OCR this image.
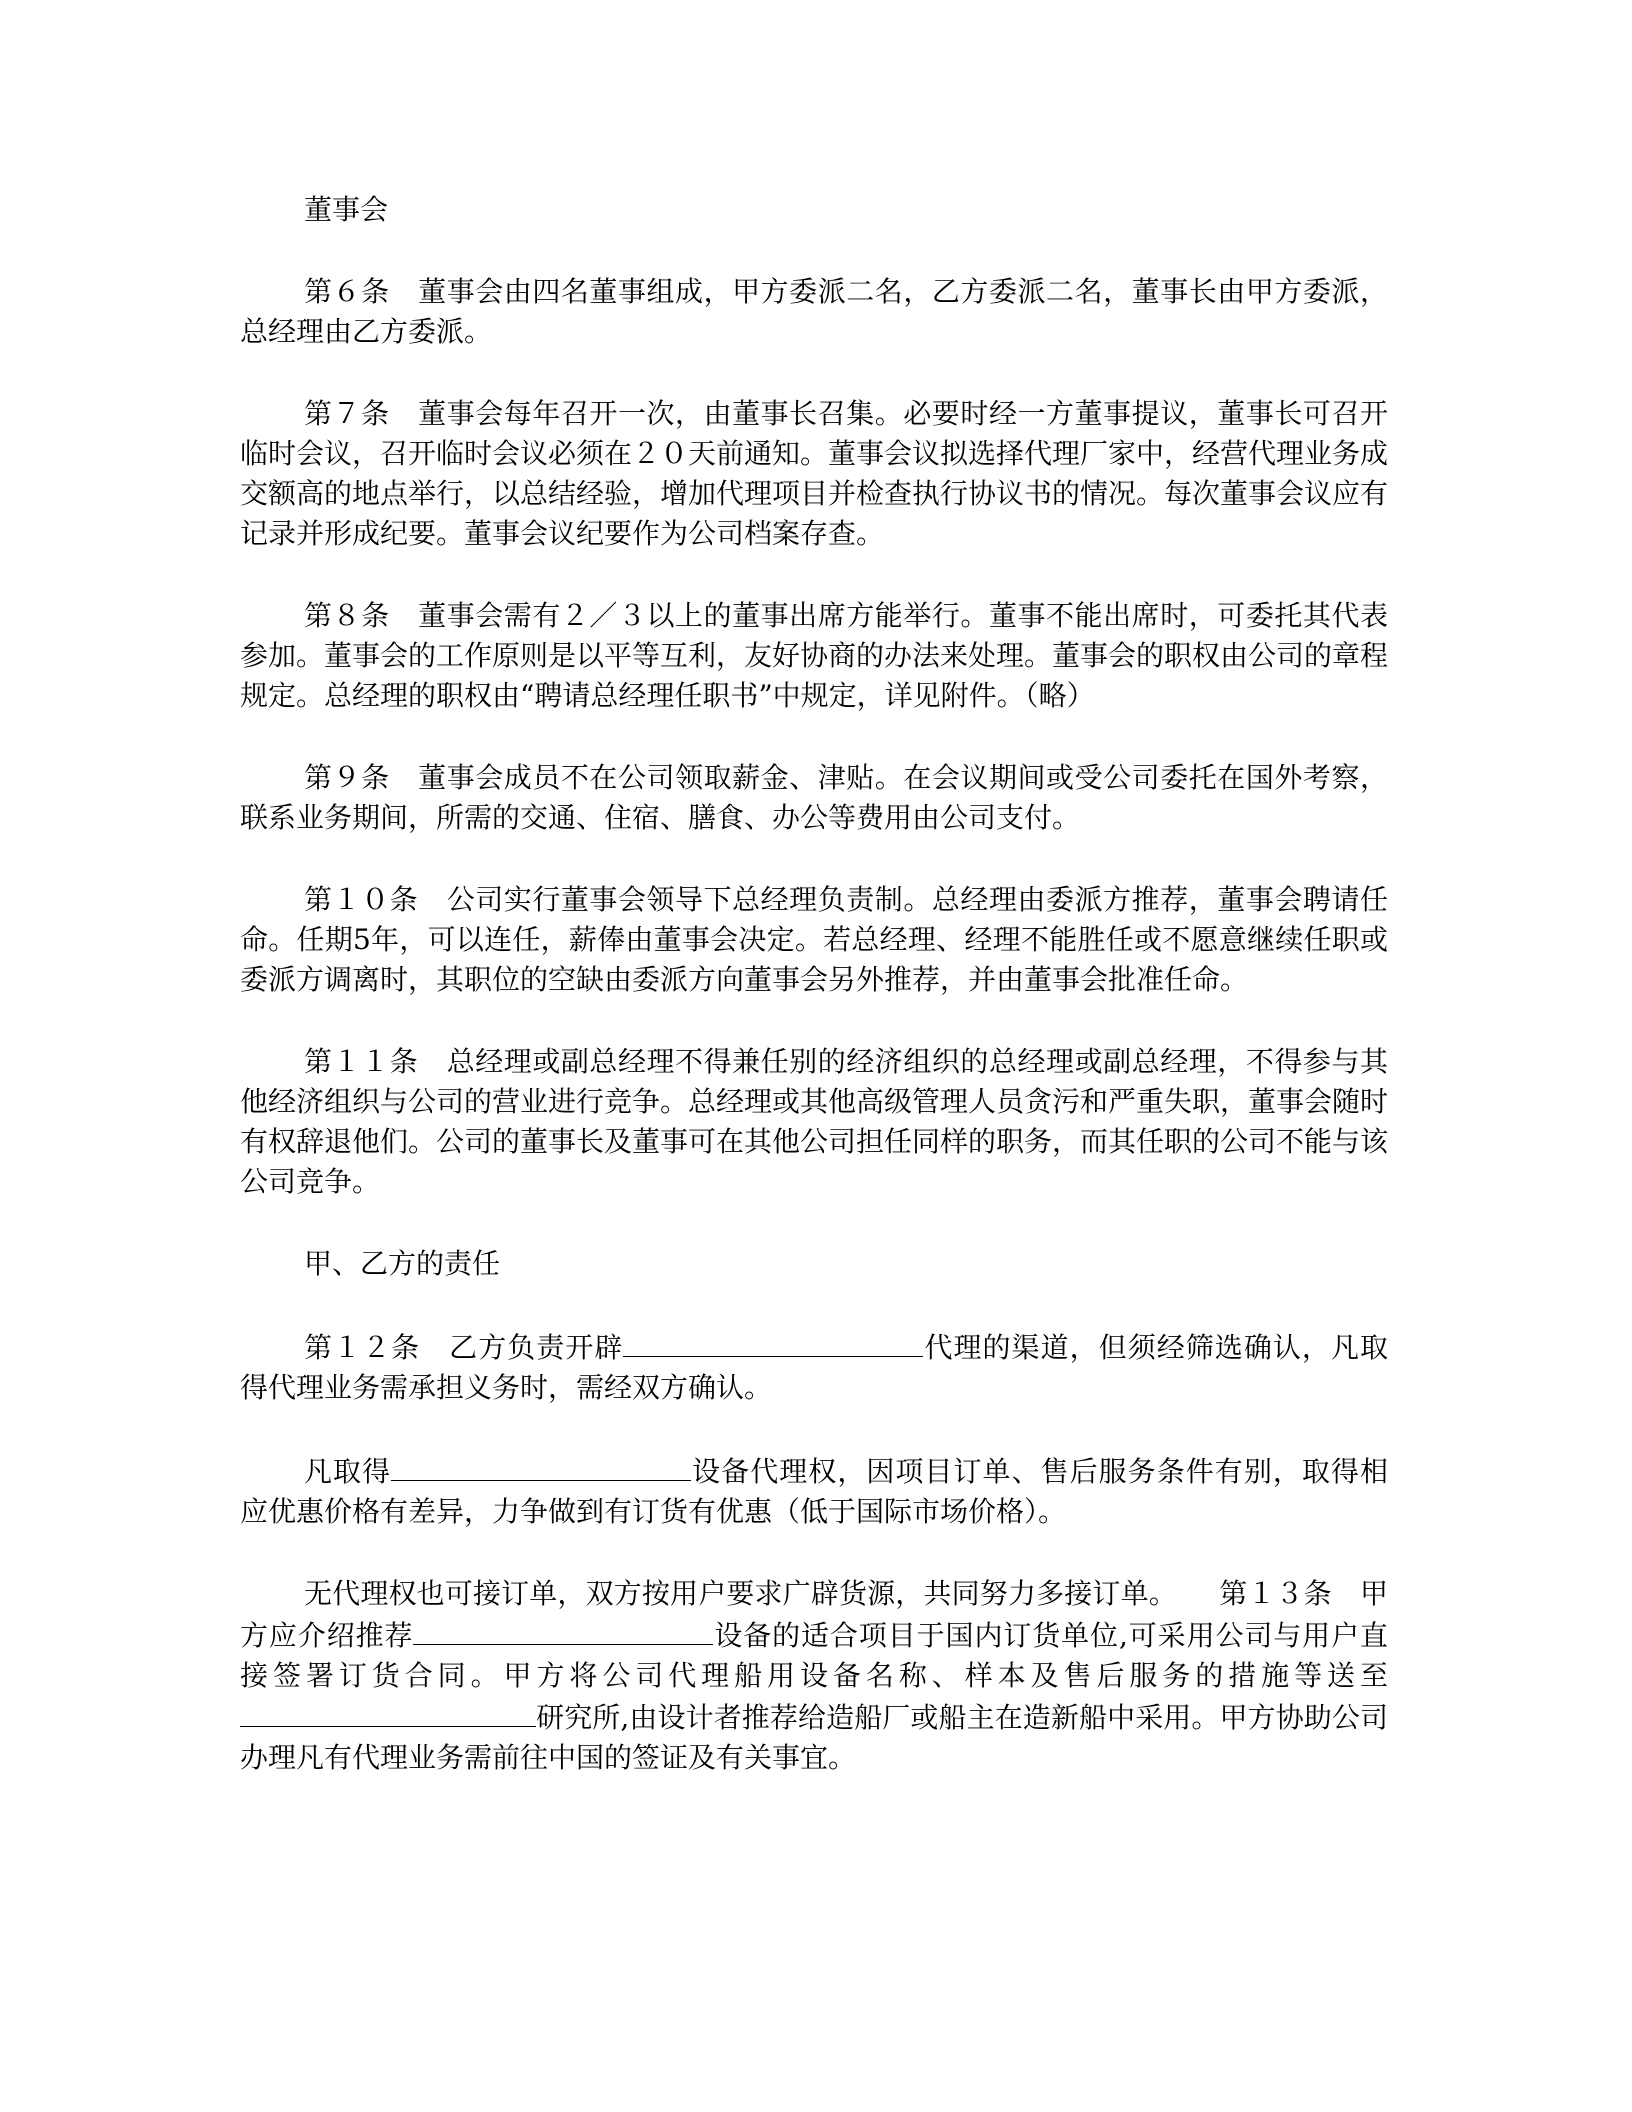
董事会

第６条　董事会由四名董事组成，甲方委派二名，乙方委派二名，董事长由甲方委派，总经理由乙方委派。

第７条　董事会每年召开一次，由董事长召集。必要时经一方董事提议，董事长可召开临时会议，召开临时会议必须在２０天前通知。董事会议拟选择代理厂家中，经营代理业务成交额高的地点举行，以总结经验，增加代理项目并检查执行协议书的情况。每次董事会议应有记录并形成纪要。董事会议纪要作为公司档案存查。

第８条　董事会需有２／３以上的董事出席方能举行。董事不能出席时，可委托其代表参加。董事会的工作原则是以平等互利，友好协商的办法来处理。董事会的职权由公司的章程规定。总经理的职权由“聘请总经理任职书”中规定，详见附件。（略）

第９条　董事会成员不在公司领取薪金、津贴。在会议期间或受公司委托在国外考察，联系业务期间，所需的交通、住宿、膳食、办公等费用由公司支付。

第１０条　公司实行董事会领导下总经理负责制。总经理由委派方推荐，董事会聘请任命。任期5年，可以连任，薪俸由董事会决定。若总经理、经理不能胜任或不愿意继续任职或委派方调离时，其职位的空缺由委派方向董事会另外推荐，并由董事会批准任命。

第１１条　总经理或副总经理不得兼任别的经济组织的总经理或副总经理，不得参与其他经济组织与公司的营业进行竞争。总经理或其他高级管理人员贪污和严重失职，董事会随时有权辞退他们。公司的董事长及董事可在其他公司担任同样的职务，而其任职的公司不能与该公司竞争。

甲、乙方的责任

第１２条　乙方负责开辟	代理的渠道，但须经筛选确认，凡取得代理业务需承担义务时，需经双方确认。

凡取得	设备代理权，因项目订单、售后服务条件有别，取得相应优惠价格有差异，力争做到有订货有优惠（低于国际市场价格）。

无代理权也可接订单，双方按用户要求广辟货源，共同努力多接订单。　　第１３条　甲方应介绍推荐	设备的适合项目于国内订货单位,可采用公司与用户直接签署订货合同。甲方将公司代理船用设备名称、样本及售后服务的措施等送至研究所,由设计者推荐给造船厂或船主在造新船中采用。甲方协助公司办理凡有代理业务需前往中国的签证及有关事宜。
